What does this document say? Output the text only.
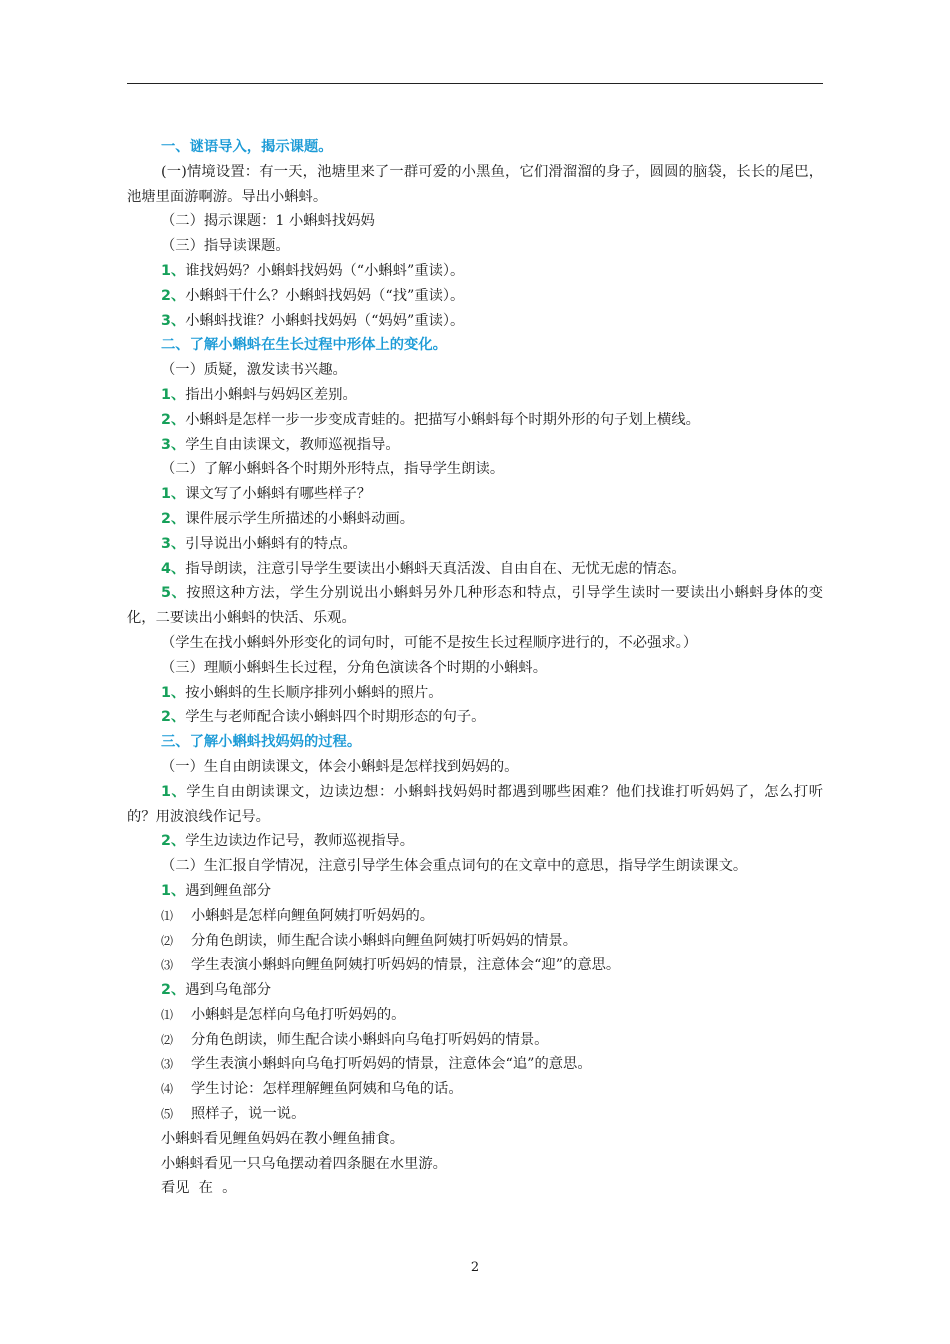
一、谜语导入，揭示课题。

(一)情境设置：有一天，池塘里来了一群可爱的小黑鱼，它们滑溜溜的身子，圆圆的脑袋，长长的尾巴，池塘里面游啊游。导出小蝌蚪。

（二）揭示课题：1 小蝌蚪找妈妈

（三）指导读课题。

1、谁找妈妈？小蝌蚪找妈妈（“小蝌蚪”重读）。

2、小蝌蚪干什么？小蝌蚪找妈妈（“找”重读）。

3、小蝌蚪找谁？小蝌蚪找妈妈（“妈妈”重读）。

二、了解小蝌蚪在生长过程中形体上的变化。

（一）质疑，激发读书兴趣。

1、指出小蝌蚪与妈妈区差别。

2、小蝌蚪是怎样一步一步变成青蛙的。把描写小蝌蚪每个时期外形的句子划上横线。

3、学生自由读课文，教师巡视指导。

（二）了解小蝌蚪各个时期外形特点，指导学生朗读。

1、课文写了小蝌蚪有哪些样子？

2、课件展示学生所描述的小蝌蚪动画。

3、引导说出小蝌蚪有的特点。

4、指导朗读，注意引导学生要读出小蝌蚪天真活泼、自由自在、无忧无虑的情态。

5、按照这种方法，学生分别说出小蝌蚪另外几种形态和特点，引导学生读时一要读出小蝌蚪身体的变化，二要读出小蝌蚪的快活、乐观。

（学生在找小蝌蚪外形变化的词句时，可能不是按生长过程顺序进行的，不必强求。）

（三）理顺小蝌蚪生长过程，分角色演读各个时期的小蝌蚪。

1、按小蝌蚪的生长顺序排列小蝌蚪的照片。

2、学生与老师配合读小蝌蚪四个时期形态的句子。

三、了解小蝌蚪找妈妈的过程。

（一）生自由朗读课文，体会小蝌蚪是怎样找到妈妈的。

1、学生自由朗读课文，边读边想：小蝌蚪找妈妈时都遇到哪些困难？他们找谁打听妈妈了，怎么打听的？用波浪线作记号。

2、学生边读边作记号，教师巡视指导。

（二）生汇报自学情况，注意引导学生体会重点词句的在文章中的意思，指导学生朗读课文。

1、遇到鲤鱼部分

⑴ 小蝌蚪是怎样向鲤鱼阿姨打听妈妈的。

⑵ 分角色朗读，师生配合读小蝌蚪向鲤鱼阿姨打听妈妈的情景。

⑶ 学生表演小蝌蚪向鲤鱼阿姨打听妈妈的情景，注意体会“迎”的意思。

2、遇到乌龟部分

⑴ 小蝌蚪是怎样向乌龟打听妈妈的。

⑵ 分角色朗读，师生配合读小蝌蚪向乌龟打听妈妈的情景。

⑶ 学生表演小蝌蚪向乌龟打听妈妈的情景，注意体会“追”的意思。

⑷ 学生讨论：怎样理解鲤鱼阿姨和乌龟的话。

⑸ 照样子，说一说。

小蝌蚪看见鲤鱼妈妈在教小鲤鱼捕食。

小蝌蚪看见一只乌龟摆动着四条腿在水里游。

看见  在  。

2
